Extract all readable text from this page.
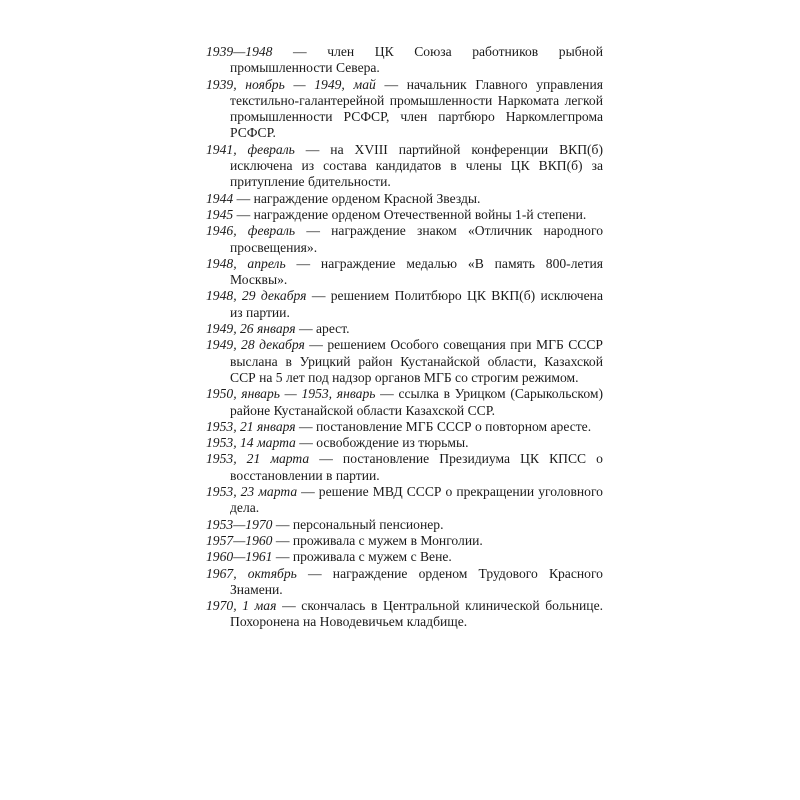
1939—1948 — член ЦК Союза работников рыбной промышленности Севера.

1939, ноябрь — 1949, май — начальник Главного управления текстильно-галантерейной промышленности Наркомата легкой промышленности РСФСР, член партбюро Наркомлегпрома РСФСР.

1941, февраль — на XVIII партийной конференции ВКП(б) исключена из состава кандидатов в члены ЦК ВКП(б) за притупление бдительности.

1944 — награждение орденом Красной Звезды.

1945 — награждение орденом Отечественной войны 1-й степени.

1946, февраль — награждение знаком «Отличник народного просвещения».

1948, апрель — награждение медалью «В память 800-летия Москвы».

1948, 29 декабря — решением Политбюро ЦК ВКП(б) исключена из партии.

1949, 26 января — арест.

1949, 28 декабря — решением Особого совещания при МГБ СССР выслана в Урицкий район Кустанайской области, Казахской ССР на 5 лет под надзор органов МГБ со строгим режимом.

1950, январь — 1953, январь — ссылка в Урицком (Сарыкольском) районе Кустанайской области Казахской ССР.

1953, 21 января — постановление МГБ СССР о повторном аресте.

1953, 14 марта — освобождение из тюрьмы.

1953, 21 марта — постановление Президиума ЦК КПСС о восстановлении в партии.

1953, 23 марта — решение МВД СССР о прекращении уголовного дела.

1953—1970 — персональный пенсионер.

1957—1960 — проживала с мужем в Монголии.

1960—1961 — проживала с мужем с Вене.

1967, октябрь — награждение орденом Трудового Красного Знамени.

1970, 1 мая — скончалась в Центральной клинической больнице. Похоронена на Новодевичьем кладбище.
